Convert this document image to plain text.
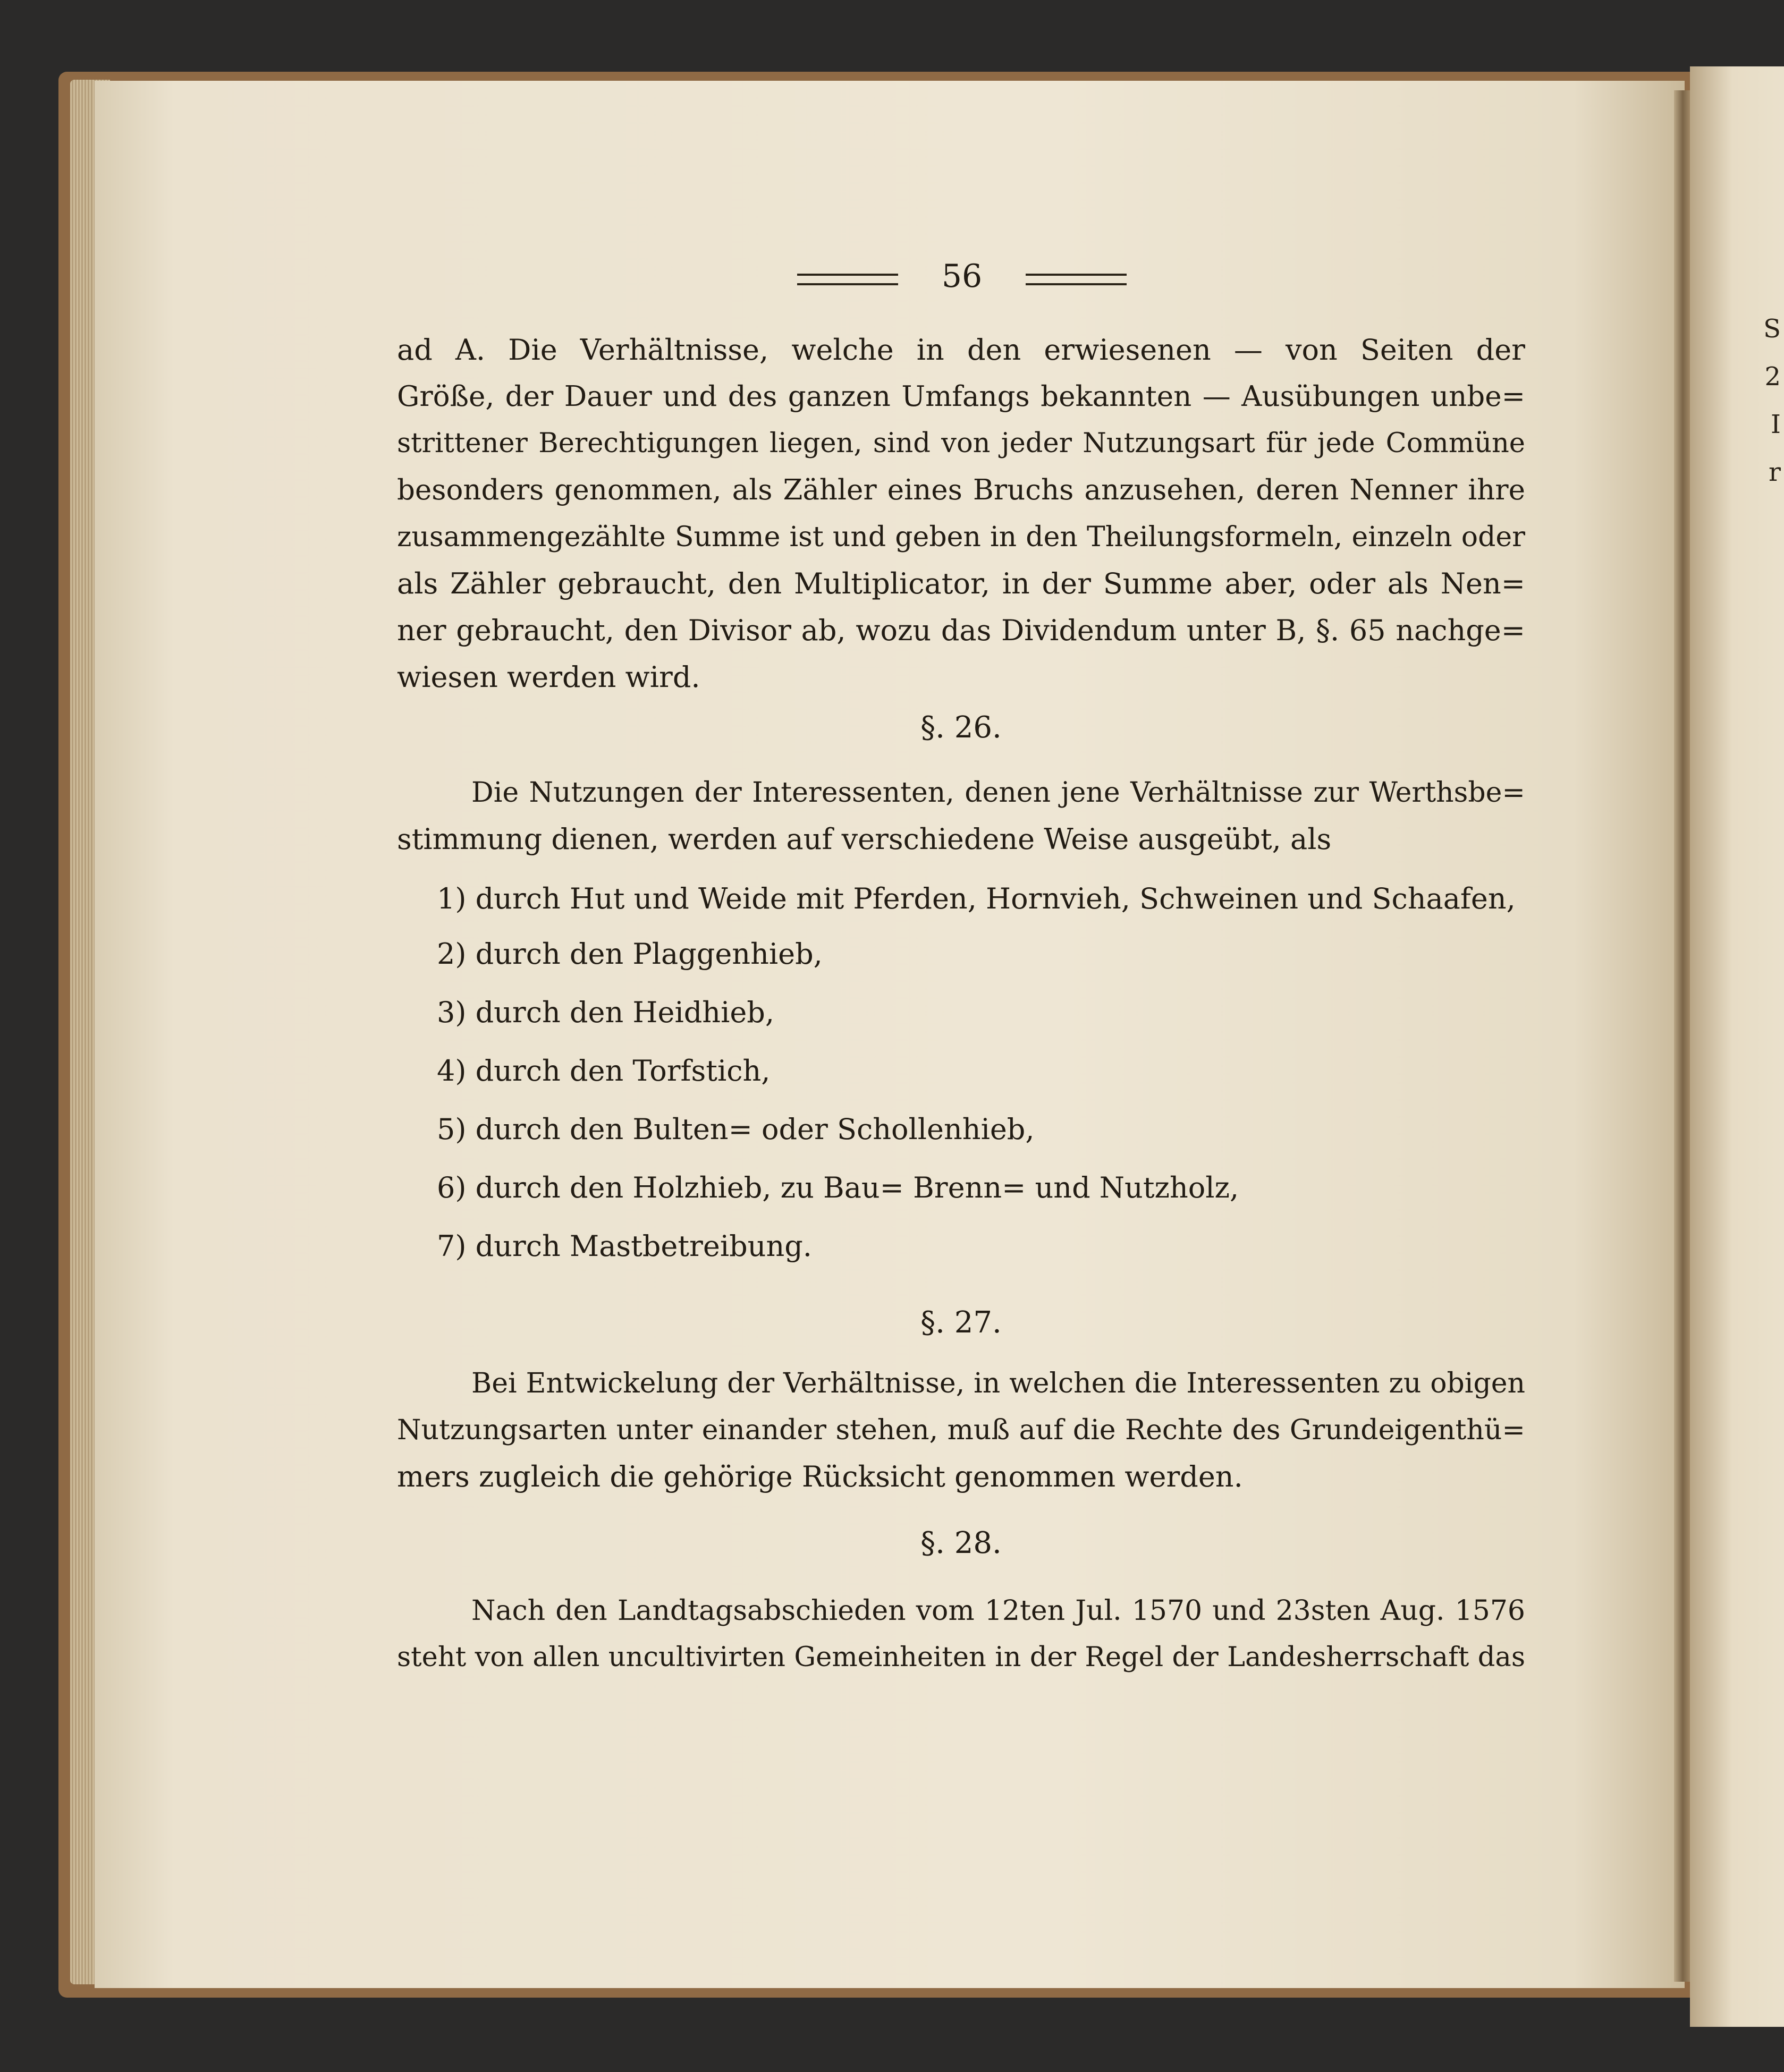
S
2
I
r
56
ad A. Die Verhältnisse, welche in den erwiesenen — von Seiten der
Größe, der Dauer und des ganzen Umfangs bekannten — Ausübungen unbe=
strittener Berechtigungen liegen, sind von jeder Nutzungsart für jede Commüne
besonders genommen, als Zähler eines Bruchs anzusehen, deren Nenner ihre
zusammengezählte Summe ist und geben in den Theilungsformeln, einzeln oder
als Zähler gebraucht, den Multiplicator, in der Summe aber, oder als Nen=
ner gebraucht, den Divisor ab, wozu das Dividendum unter B, §. 65 nachge=
wiesen werden wird.
§. 26.
Die Nutzungen der Interessenten, denen jene Verhältnisse zur Werthsbe=
stimmung dienen, werden auf verschiedene Weise ausgeübt, als
1) durch Hut und Weide mit Pferden, Hornvieh, Schweinen und Schaafen,
2) durch den Plaggenhieb,
3) durch den Heidhieb,
4) durch den Torfstich,
5) durch den Bulten= oder Schollenhieb,
6) durch den Holzhieb, zu Bau= Brenn= und Nutzholz,
7) durch Mastbetreibung.
§. 27.
Bei Entwickelung der Verhältnisse, in welchen die Interessenten zu obigen
Nutzungsarten unter einander stehen, muß auf die Rechte des Grundeigenthü=
mers zugleich die gehörige Rücksicht genommen werden.
§. 28.
Nach den Landtagsabschieden vom 12ten Jul. 1570 und 23sten Aug. 1576
steht von allen uncultivirten Gemeinheiten in der Regel der Landesherrschaft das
